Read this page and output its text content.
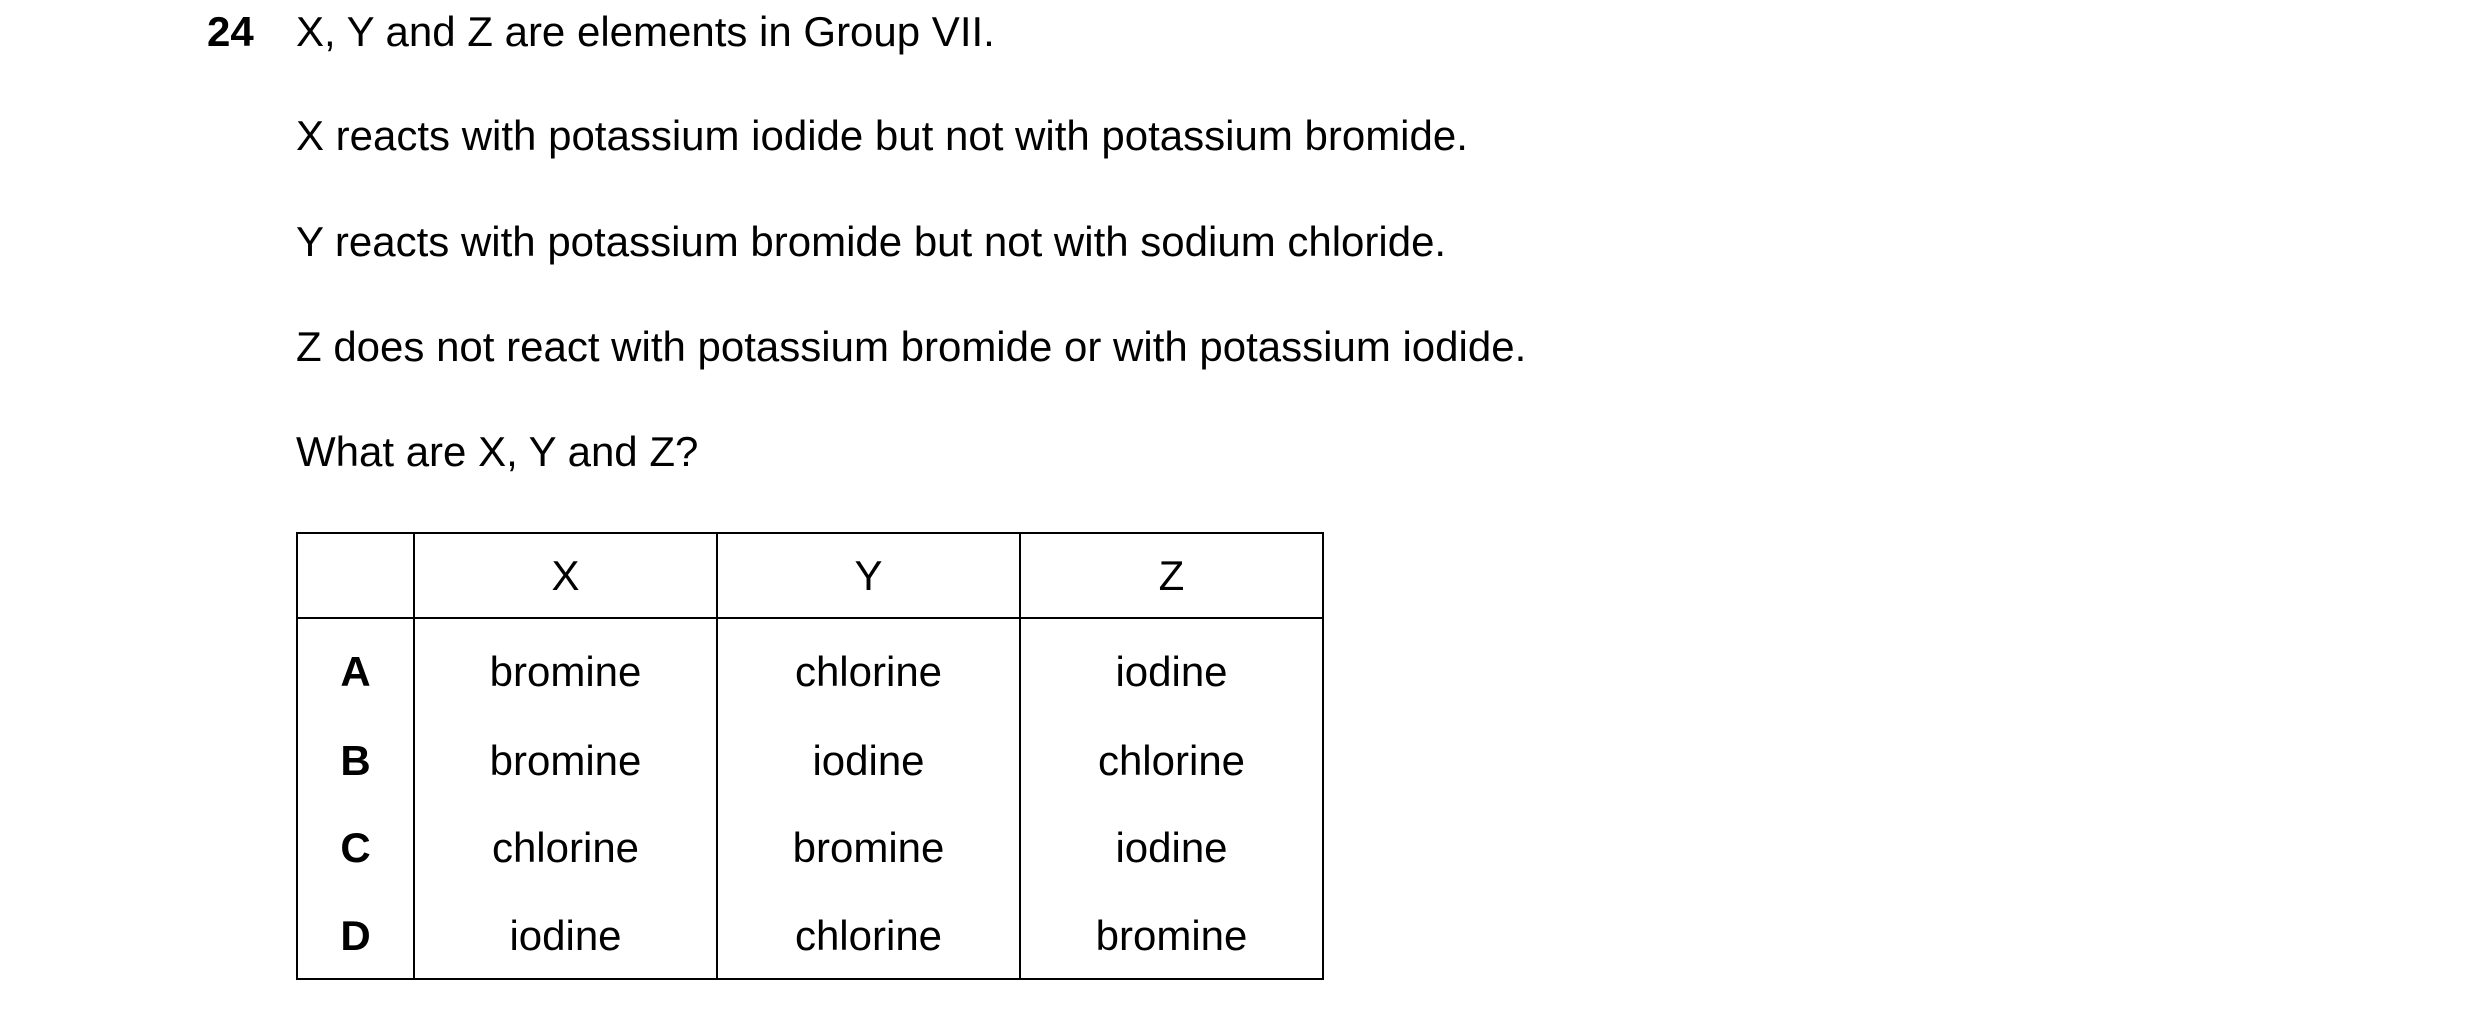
24 X, Y and Z are elements in Group VII.
X reacts with potassium iodide but not with potassium bromide.
Y reacts with potassium bromide but not with sodium chloride.
Z does not react with potassium bromide or with potassium iodide.
What are X, Y and Z?
	X	Y	Z
A	bromine	chlorine	iodine
B	bromine	iodine	chlorine
C	chlorine	bromine	iodine
D	iodine	chlorine	bromine
